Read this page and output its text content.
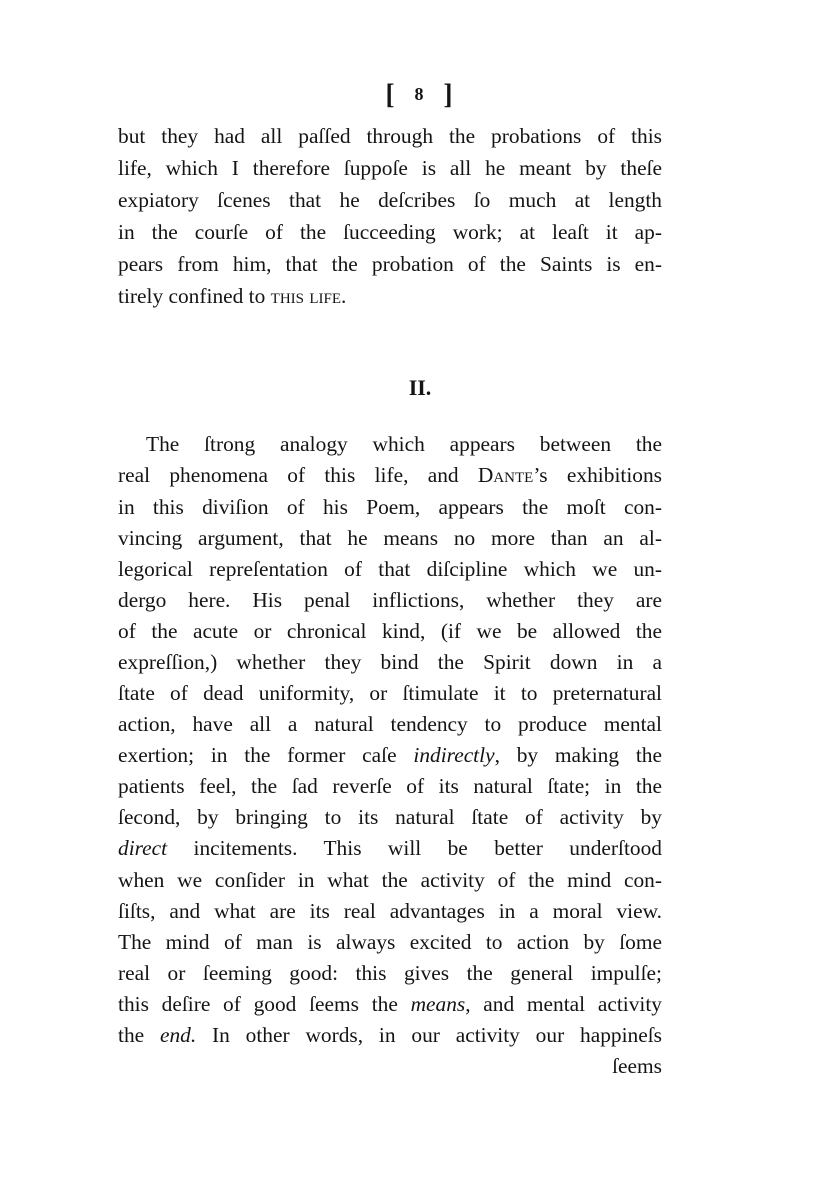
[ 8 ]
but they had all paſſed through the probations of this
life, which I therefore ſuppoſe is all he meant by theſe
expiatory ſcenes that he deſcribes ſo much at length
in the courſe of the ſucceeding work; at leaſt it ap-
pears from him, that the probation of the Saints is en-
tirely confined to this life.
II.
The ſtrong analogy which appears between the
real phenomena of this life, and Dante’s exhibitions
in this diviſion of his Poem, appears the moſt con-
vincing argument, that he means no more than an al-
legorical repreſentation of that diſcipline which we un-
dergo here. His penal inflictions, whether they are
of the acute or chronical kind, (if we be allowed the
expreſſion,) whether they bind the Spirit down in a
ſtate of dead uniformity, or ſtimulate it to preternatural
action, have all a natural tendency to produce mental
exertion; in the former caſe indirectly, by making the
patients feel, the ſad reverſe of its natural ſtate; in the
ſecond, by bringing to its natural ſtate of activity by
direct incitements. This will be better underſtood
when we conſider in what the activity of the mind con-
ſiſts, and what are its real advantages in a moral view.
The mind of man is always excited to action by ſome
real or ſeeming good: this gives the general impulſe;
this deſire of good ſeems the means, and mental activity
the end. In other words, in our activity our happineſs
ſeems
